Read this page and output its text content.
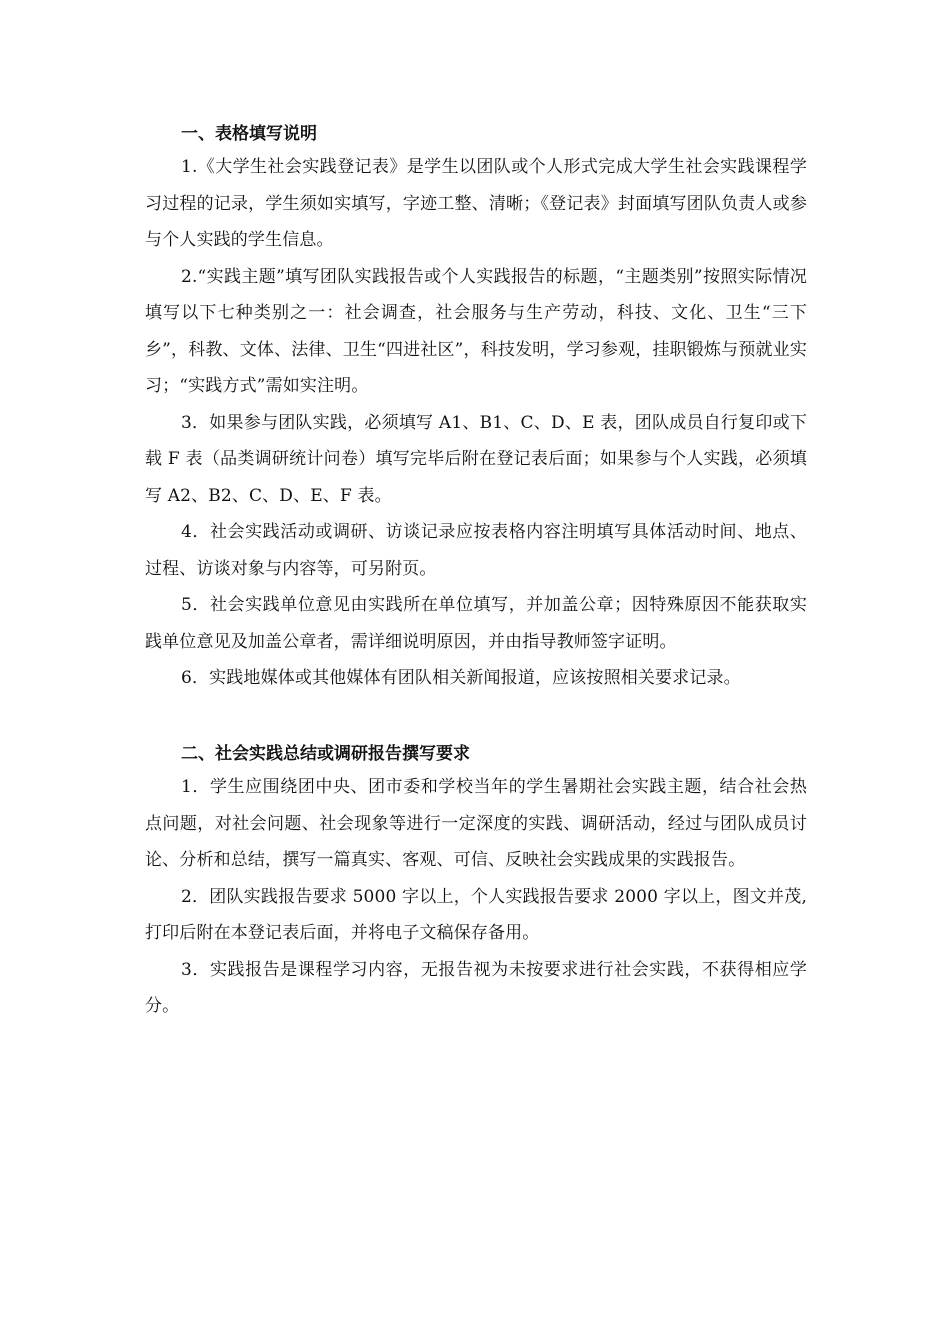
一、表格填写说明

1.《大学生社会实践登记表》是学生以团队或个人形式完成大学生社会实践课程学习过程的记录，学生须如实填写，字迹工整、清晰；《登记表》封面填写团队负责人或参与个人实践的学生信息。

2.“实践主题”填写团队实践报告或个人实践报告的标题，“主题类别”按照实际情况填写以下七种类别之一：社会调查，社会服务与生产劳动，科技、文化、卫生“三下乡”，科教、文体、法律、卫生“四进社区”，科技发明，学习参观，挂职锻炼与预就业实习；“实践方式”需如实注明。

3．如果参与团队实践，必须填写 A1、B1、C、D、E 表，团队成员自行复印或下载 F 表（品类调研统计问卷）填写完毕后附在登记表后面；如果参与个人实践，必须填写 A2、B2、C、D、E、F 表。

4．社会实践活动或调研、访谈记录应按表格内容注明填写具体活动时间、地点、过程、访谈对象与内容等，可另附页。

5．社会实践单位意见由实践所在单位填写，并加盖公章；因特殊原因不能获取实践单位意见及加盖公章者，需详细说明原因，并由指导教师签字证明。

6．实践地媒体或其他媒体有团队相关新闻报道，应该按照相关要求记录。

二、社会实践总结或调研报告撰写要求

1．学生应围绕团中央、团市委和学校当年的学生暑期社会实践主题，结合社会热点问题，对社会问题、社会现象等进行一定深度的实践、调研活动，经过与团队成员讨论、分析和总结，撰写一篇真实、客观、可信、反映社会实践成果的实践报告。

2．团队实践报告要求 5000 字以上，个人实践报告要求 2000 字以上，图文并茂,打印后附在本登记表后面，并将电子文稿保存备用。

3．实践报告是课程学习内容，无报告视为未按要求进行社会实践，不获得相应学分。
